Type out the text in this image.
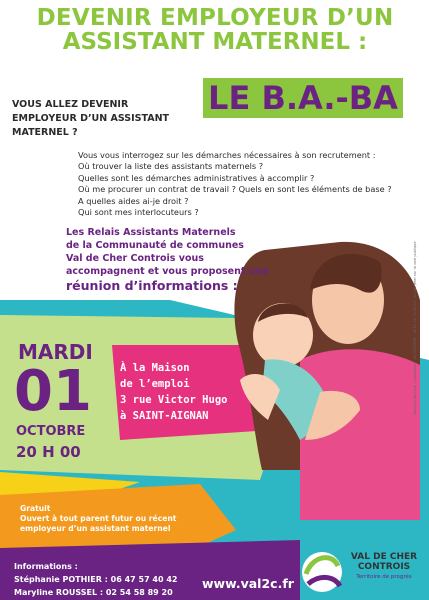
DEVENIR EMPLOYEUR D’UN
ASSISTANT MATERNEL :
LE B.A.-BA
VOUS ALLEZ DEVENIR
EMPLOYEUR D’UN ASSISTANT
MATERNEL ?
Vous vous interrogez sur les démarches nécessaires à son recrutement :
Où trouver la liste des assistants maternels ?
Quelles sont les démarches administratives à accomplir ?
Où me procurer un contrat de travail ? Quels en sont les éléments de base ?
A quelles aides ai-je droit ?
Qui sont mes interlocuteurs ?
studio-graphique · impression · 41 CONTRES · tél 02 54 79 00 00 · ne pas jeter sur la voie publique
Les Relais Assistants Maternels
de la Communauté de communes
Val de Cher Controis vous
accompagnent et vous proposent une
réunion d’informations :
MARDI
01
OCTOBRE
20 H 00
À la Maison
de l’emploi
3 rue Victor Hugo
à SAINT-AIGNAN
Gratuit
Ouvert à tout parent futur ou récent
employeur d’un assistant maternel
Informations :
Stéphanie POTHIER : 06 47 57 40 42
Maryline ROUSSEL : 02 54 58 89 20
www.val2c.fr
VAL DE CHER
CONTROIS
Territoire de progrès
